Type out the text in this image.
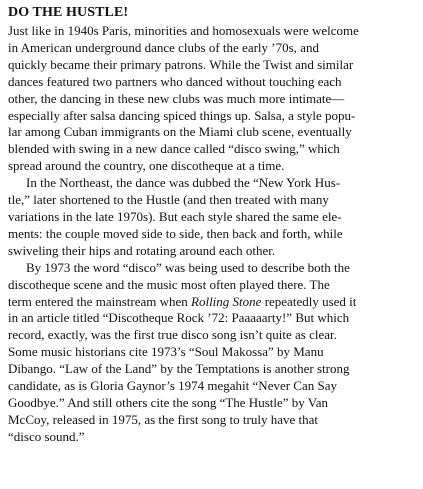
DO THE HUSTLE!
Just like in 1940s Paris, minorities and homosexuals were welcome
in American underground dance clubs of the early ’70s, and
quickly became their primary patrons. While the Twist and similar
dances featured two partners who danced without touching each
other, the dancing in these new clubs was much more intimate—
especially after salsa dancing spiced things up. Salsa, a style popu-
lar among Cuban immigrants on the Miami club scene, eventually
blended with swing in a new dance called “disco swing,” which
spread around the country, one discotheque at a time.
In the Northeast, the dance was dubbed the “New York Hus-
tle,” later shortened to the Hustle (and then treated with many
variations in the late 1970s). But each style shared the same ele-
ments: the couple moved side to side, then back and forth, while
swiveling their hips and rotating around each other.
By 1973 the word “disco” was being used to describe both the
discotheque scene and the music most often played there. The
term entered the mainstream when Rolling Stone repeatedly used it
in an article titled “Discotheque Rock ’72: Paaaaarty!” But which
record, exactly, was the first true disco song isn’t quite as clear.
Some music historians cite 1973’s “Soul Makossa” by Manu
Dibango. “Law of the Land” by the Temptations is another strong
candidate, as is Gloria Gaynor’s 1974 megahit “Never Can Say
Goodbye.” And still others cite the song “The Hustle” by Van
McCoy, released in 1975, as the first song to truly have that
“disco sound.”
